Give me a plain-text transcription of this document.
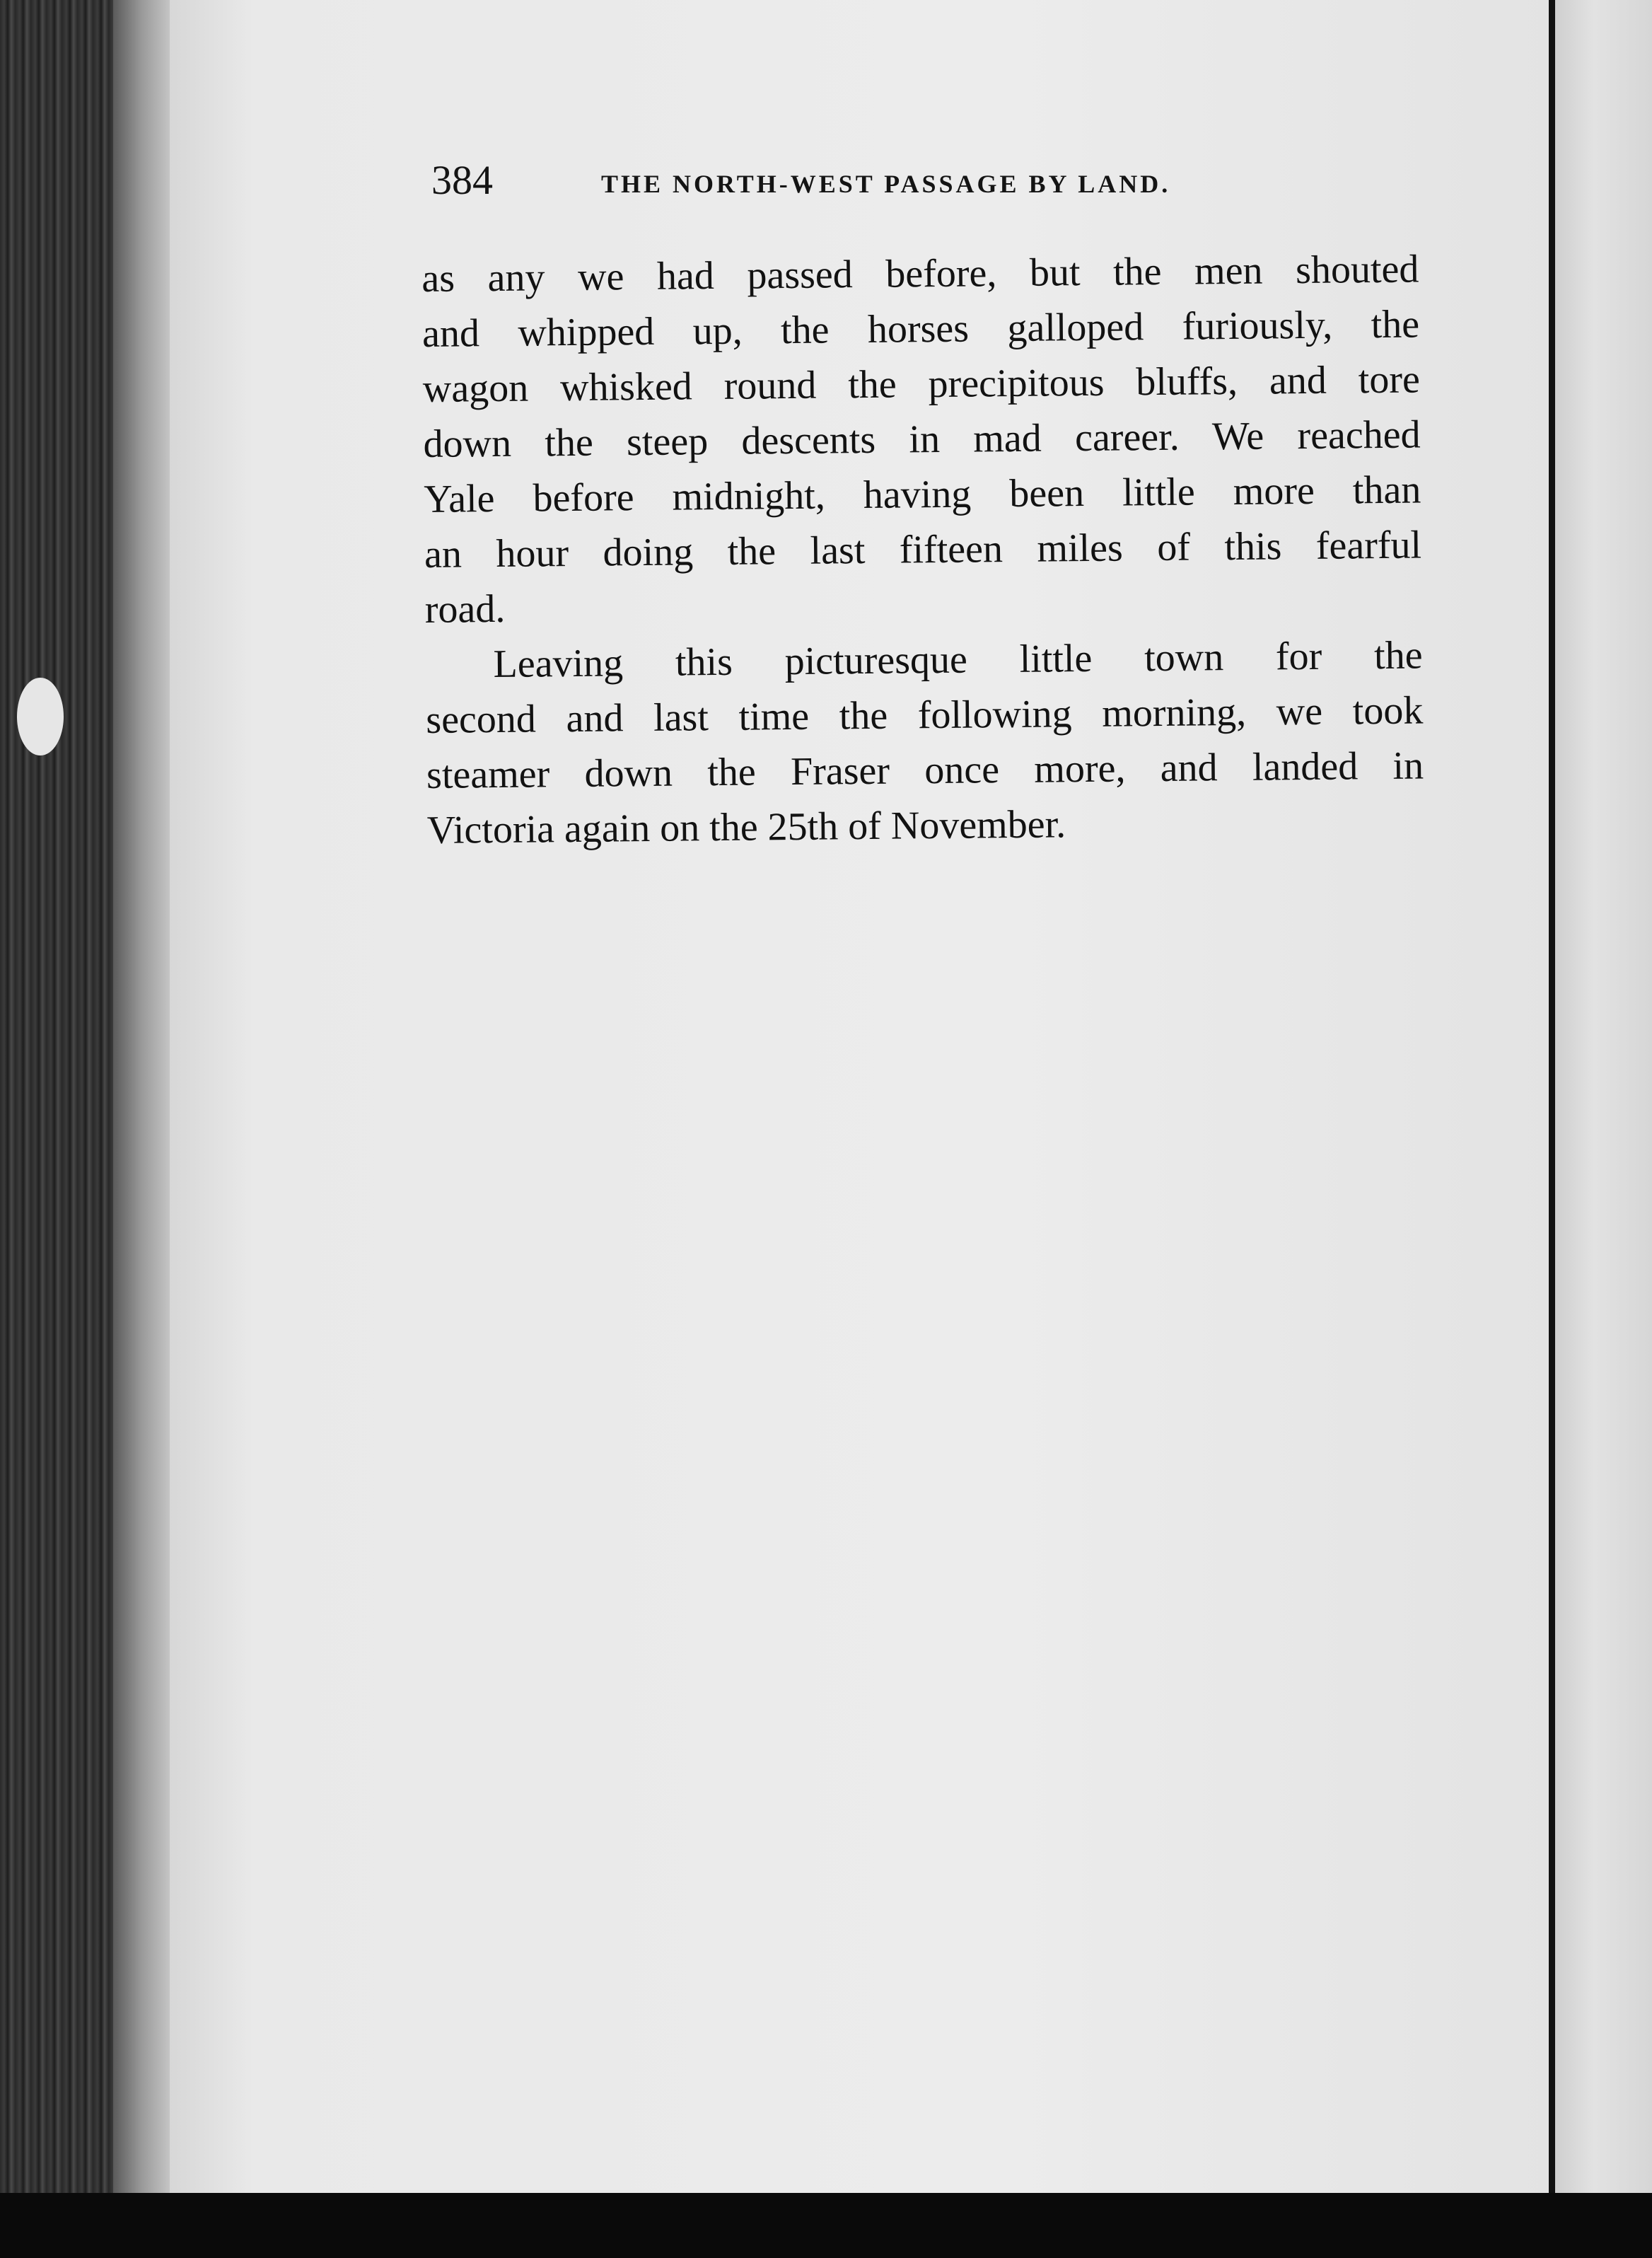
384	THE NORTH-WEST PASSAGE BY LAND.

as any we had passed before, but the men shouted
and whipped up, the horses galloped furiously, the
wagon whisked round the precipitous bluffs, and tore
down the steep descents in mad career. We reached
Yale before midnight, having been little more than
an hour doing the last fifteen miles of this fearful
road.

Leaving this picturesque little town for the
second and last time the following morning, we took
steamer down the Fraser once more, and landed in
Victoria again on the 25th of November.
